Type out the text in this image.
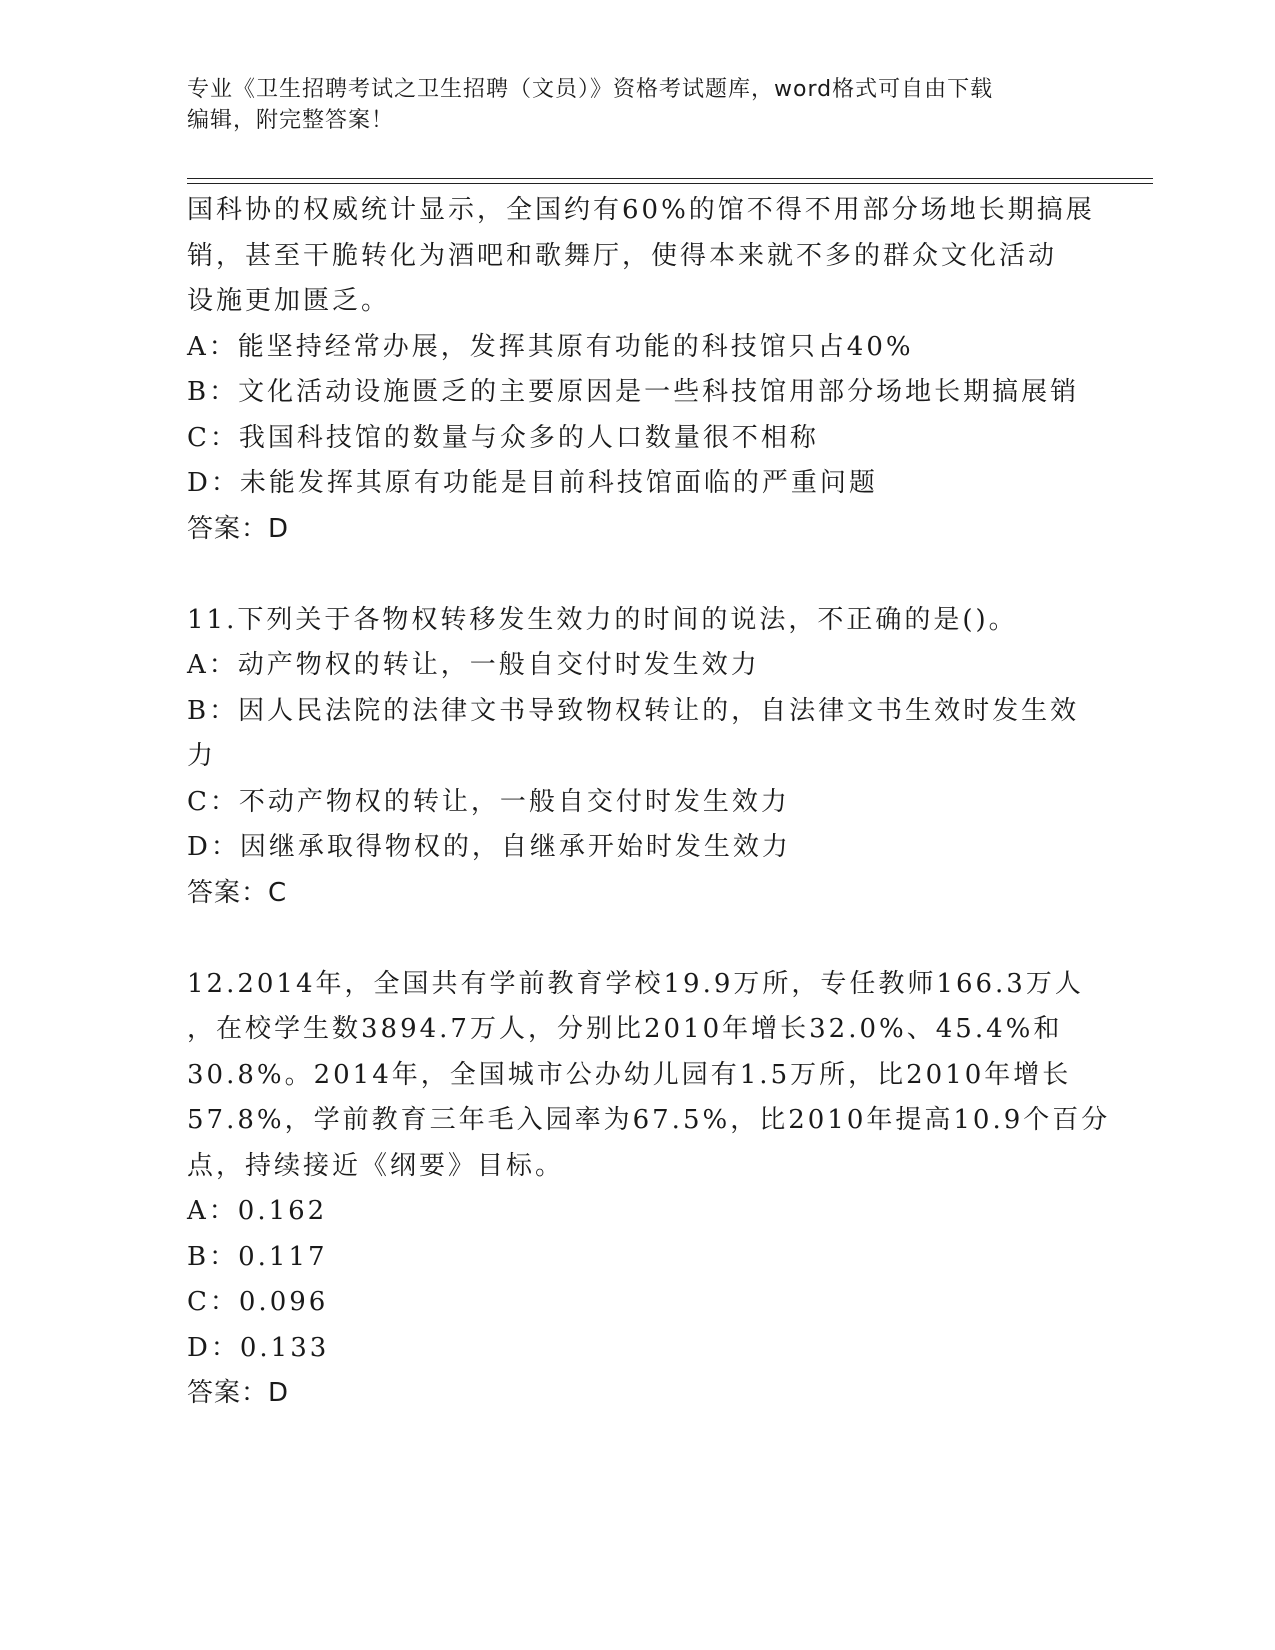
专业《卫生招聘考试之卫生招聘（文员）》资格考试题库，word格式可自由下载
编辑，附完整答案！
国科协的权威统计显示，全国约有60%的馆不得不用部分场地长期搞展
销，甚至干脆转化为酒吧和歌舞厅，使得本来就不多的群众文化活动
设施更加匮乏。
A：能坚持经常办展，发挥其原有功能的科技馆只占40%
B：文化活动设施匮乏的主要原因是一些科技馆用部分场地长期搞展销
C：我国科技馆的数量与众多的人口数量很不相称
D：未能发挥其原有功能是目前科技馆面临的严重问题
答案：D
11.下列关于各物权转移发生效力的时间的说法，不正确的是()。
A：动产物权的转让，一般自交付时发生效力
B：因人民法院的法律文书导致物权转让的，自法律文书生效时发生效
力
C：不动产物权的转让，一般自交付时发生效力
D：因继承取得物权的，自继承开始时发生效力
答案：C
12.2014年，全国共有学前教育学校19.9万所，专任教师166.3万人
，在校学生数3894.7万人，分别比2010年增长32.0%、45.4%和
30.8%。2014年，全国城市公办幼儿园有1.5万所，比2010年增长
57.8%，学前教育三年毛入园率为67.5%，比2010年提高10.9个百分
点，持续接近《纲要》目标。
A：0.162
B：0.117
C：0.096
D：0.133
答案：D
